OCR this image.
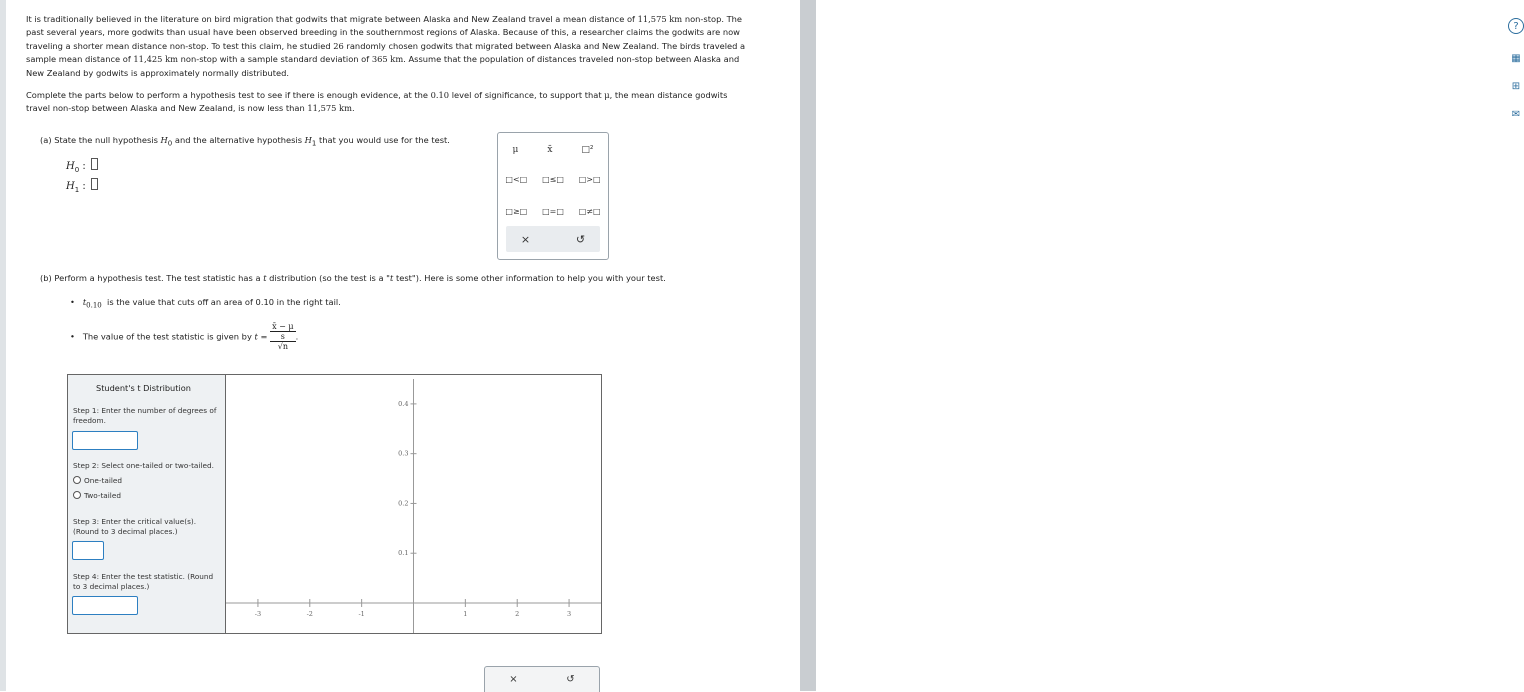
It is traditionally believed in the literature on bird migration that godwits that migrate between Alaska and New Zealand travel a mean distance of 11,575 km non-stop. The past several years, more godwits than usual have been observed breeding in the southernmost regions of Alaska. Because of this, a researcher claims the godwits are now traveling a shorter mean distance non-stop. To test this claim, he studied 26 randomly chosen godwits that migrated between Alaska and New Zealand. The birds traveled a sample mean distance of 11,425 km non-stop with a sample standard deviation of 365 km. Assume that the population of distances traveled non-stop between Alaska and New Zealand by godwits is approximately normally distributed.

Complete the parts below to perform a hypothesis test to see if there is enough evidence, at the 0.10 level of significance, to support that μ, the mean distance godwits travel non-stop between Alaska and New Zealand, is now less than 11,575 km.

(a) State the null hypothesis $H_0$ and the alternative hypothesis $H_1$ that you would use for the test.
$H_0$ :
$H_1$ :
μ	x̄	□²
□<□ □≤□ □>□
□≥□ □=□ □≠□
×	↺
(b) Perform a hypothesis test. The test statistic has a t distribution (so the test is a "t test"). Here is some other information to help you with your test.
•   $t_{0.10}$ is the value that cuts off an area of 0.10 in the right tail.
•   The value of the test statistic is given by t =
x̄ − μ
s
√n
.
Student's t Distribution
Step 1: Enter the number of degrees of freedom.
Step 2: Select one-tailed or two-tailed.
One-tailed
Two-tailed
Step 3: Enter the critical value(s). (Round to 3 decimal places.)
Step 4: Enter the test statistic. (Round to 3 decimal places.)
-3	-2	-1	1	2	3
0.1
0.2
0.3
0.4
×	↺
?
▦
⊞
✉
